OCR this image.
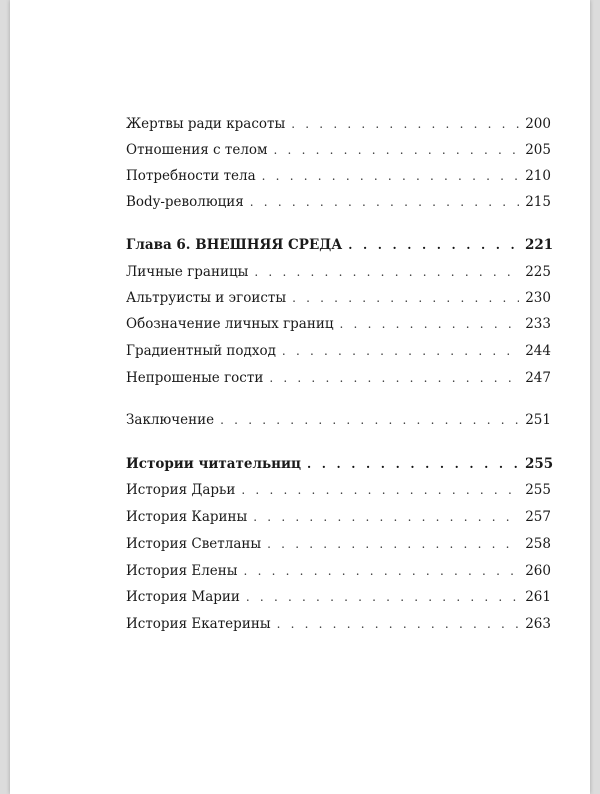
Жертвы ради красоты . . .	200
Отношения с телом . . .	205
Потребности тела . . .	210
Body-революция . . .	215
Глава 6. ВНЕШНЯЯ СРЕДА . . .	221
Личные границы . . .	225
Альтруисты и эгоисты . . .	230
Обозначение личных границ . . .	233
Градиентный подход . . .	244
Непрошеные гости . . .	247
Заключение . . .	251
Истории читательниц . . .	255
История Дарьи . . .	255
История Карины . . .	257
История Светланы . . .	258
История Елены . . .	260
История Марии . . .	261
История Екатерины . . .	263
